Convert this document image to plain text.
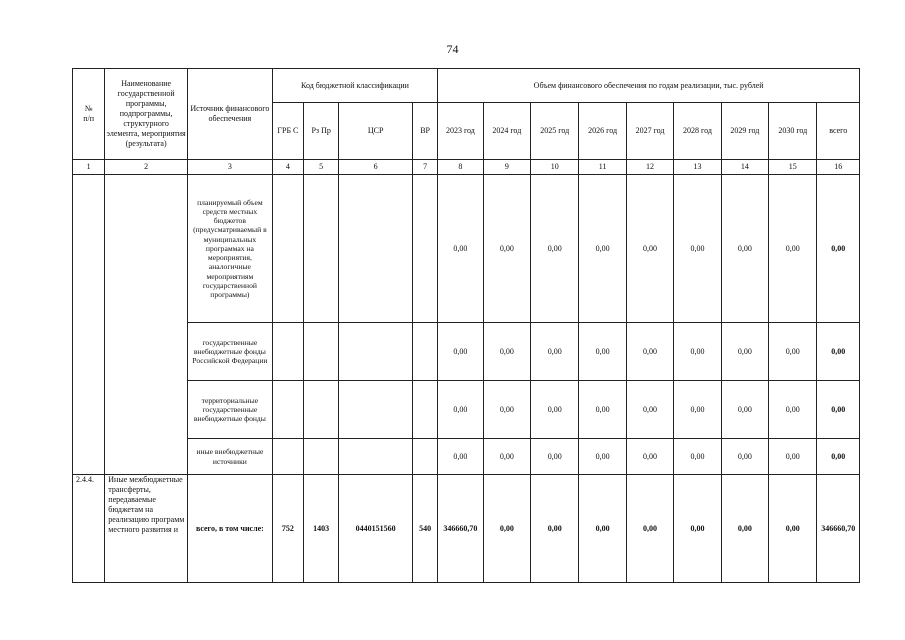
74
№
п/п	Наименование государственной программы, подпрограммы, структурного элемента, мероприятия (результата)	Источник финансового обеспечения	Код бюджетной классификации				Объем финансового обеспечения по годам реализации, тыс. рублей								
			ГРБ С	Рз Пр	ЦСР	ВР	2023 год	2024 год	2025 год	2026 год	2027 год	2028 год	2029 год	2030 год	всего
1	2	3	4	5	6	7	8	9	10	11	12	13	14	15	16
		планируемый объем средств местных бюджетов (предусматриваемый в муниципальных программах на мероприятия, аналогичные мероприятиям государственной программы)					0,00	0,00	0,00	0,00	0,00	0,00	0,00	0,00	0,00
		государственные внебюджетные фонды Российской Федерации					0,00	0,00	0,00	0,00	0,00	0,00	0,00	0,00	0,00
		территориальные государственные внебюджетные фонды					0,00	0,00	0,00	0,00	0,00	0,00	0,00	0,00	0,00
		иные внебюджетные источники					0,00	0,00	0,00	0,00	0,00	0,00	0,00	0,00	0,00
2.4.4.	Иные межбюджетные трансферты, передаваемые бюджетам на реализацию программ местного развития и	всего, в том числе:	752	1403	0440151560	540	346660,70	0,00	0,00	0,00	0,00	0,00	0,00	0,00	346660,70
